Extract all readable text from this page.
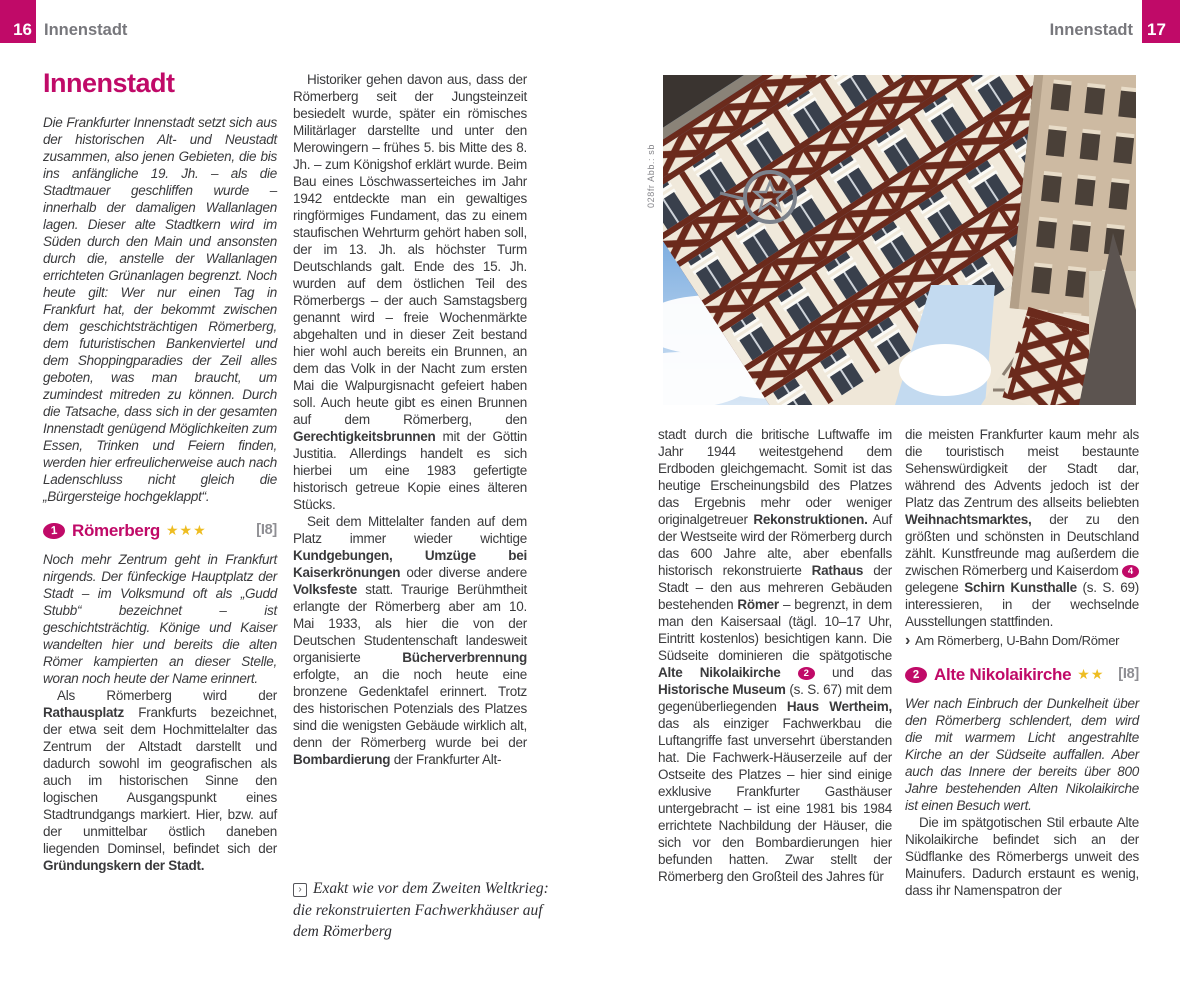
16 Innenstadt	Innenstadt 17
Innenstadt

Die Frankfurter Innenstadt setzt sich aus der historischen Alt- und Neustadt zusammen, also jenen Gebieten, die bis ins anfängliche 19. Jh. – als die Stadtmauer geschliffen wurde – innerhalb der damaligen Wallanlagen lagen. Dieser alte Stadtkern wird im Süden durch den Main und ansonsten durch die, anstelle der Wallanlagen errichteten Grünanlagen begrenzt. Noch heute gilt: Wer nur einen Tag in Frankfurt hat, der bekommt zwischen dem geschichtsträchtigen Römerberg, dem futuristischen Bankenviertel und dem Shoppingparadies der Zeil alles geboten, was man braucht, um zumindest mitreden zu können. Durch die Tatsache, dass sich in der gesamten Innenstadt genügend Möglichkeiten zum Essen, Trinken und Feiern finden, werden hier erfreulicherweise auch nach Ladenschluss nicht gleich die „Bürgersteige hochgeklappt“.

1 Römerberg ★★★	[I8]

Noch mehr Zentrum geht in Frankfurt nirgends. Der fünfeckige Hauptplatz der Stadt – im Volksmund oft als „Gudd Stubb“ bezeichnet – ist geschichtsträchtig. Könige und Kaiser wandelten hier und bereits die alten Römer kampierten an dieser Stelle, woran noch heute der Name erinnert.

Als Römerberg wird der Rathausplatz Frankfurts bezeichnet, der etwa seit dem Hochmittelalter das Zentrum der Altstadt darstellt und dadurch sowohl im geografischen als auch im historischen Sinne den logischen Ausgangspunkt eines Stadtrundgangs markiert. Hier, bzw. auf der unmittelbar östlich daneben liegenden Dominsel, befindet sich der Gründungskern der Stadt.

Historiker gehen davon aus, dass der Römerberg seit der Jungsteinzeit besiedelt wurde, später ein römisches Militärlager darstellte und unter den Merowingern – frühes 5. bis Mitte des 8. Jh. – zum Königshof erklärt wurde. Beim Bau eines Löschwasserteiches im Jahr 1942 entdeckte man ein gewaltiges ringförmiges Fundament, das zu einem staufischen Wehrturm gehört haben soll, der im 13. Jh. als höchster Turm Deutschlands galt. Ende des 15. Jh. wurden auf dem östlichen Teil des Römerbergs – der auch Samstagsberg genannt wird – freie Wochenmärkte abgehalten und in dieser Zeit bestand hier wohl auch bereits ein Brunnen, an dem das Volk in der Nacht zum ersten Mai die Walpurgisnacht gefeiert haben soll. Auch heute gibt es einen Brunnen auf dem Römerberg, den Gerechtigkeitsbrunnen mit der Göttin Justitia. Allerdings handelt es sich hierbei um eine 1983 gefertigte historisch getreue Kopie eines älteren Stücks.

Seit dem Mittelalter fanden auf dem Platz immer wieder wichtige Kundgebungen, Umzüge bei Kaiserkrönungen oder diverse andere Volksfeste statt. Traurige Berühmtheit erlangte der Römerberg aber am 10. Mai 1933, als hier die von der Deutschen Studentenschaft landesweit organisierte Bücherverbrennung erfolgte, an die noch heute eine bronzene Gedenktafel erinnert. Trotz des historischen Potenzials des Platzes sind die wenigsten Gebäude wirklich alt, denn der Römerberg wurde bei der Bombardierung der Frankfurter Alt-

› Exakt wie vor dem Zweiten Weltkrieg: die rekonstruierten Fachwerkhäuser auf dem Römerberg
028fr Abb.: sb

stadt durch die britische Luftwaffe im Jahr 1944 weitestgehend dem Erdboden gleichgemacht. Somit ist das heutige Erscheinungsbild des Platzes das Ergebnis mehr oder weniger originalgetreuer Rekonstruktionen. Auf der Westseite wird der Römerberg durch das 600 Jahre alte, aber ebenfalls historisch rekonstruierte Rathaus der Stadt – den aus mehreren Gebäuden bestehenden Römer – begrenzt, in dem man den Kaisersaal (tägl. 10–17 Uhr, Eintritt kostenlos) besichtigen kann. Die Südseite dominieren die spätgotische Alte Nikolaikirche 2 und das Historische Museum (s. S. 67) mit dem gegenüberliegenden Haus Wertheim, das als einziger Fachwerkbau die Luftangriffe fast unversehrt überstanden hat. Die Fachwerk-Häuserzeile auf der Ostseite des Platzes – hier sind einige exklusive Frankfurter Gasthäuser untergebracht – ist eine 1981 bis 1984 errichtete Nachbildung der Häuser, die sich vor den Bombardierungen hier befunden hatten. Zwar stellt der Römerberg den Großteil des Jahres für

die meisten Frankfurter kaum mehr als die touristisch meist bestaunte Sehenswürdigkeit der Stadt dar, während des Advents jedoch ist der Platz das Zentrum des allseits beliebten Weihnachtsmarktes, der zu den größten und schönsten in Deutschland zählt. Kunstfreunde mag außerdem die zwischen Römerberg und Kaiserdom 4 gelegene Schirn Kunsthalle (s. S. 69) interessieren, in der wechselnde Ausstellungen stattfinden.

› Am Römerberg, U-Bahn Dom/Römer
2 Alte Nikolaikirche ★★ [I8]

Wer nach Einbruch der Dunkelheit über den Römerberg schlendert, dem wird die mit warmem Licht angestrahlte Kirche an der Südseite auffallen. Aber auch das Innere der bereits über 800 Jahre bestehenden Alten Nikolaikirche ist einen Besuch wert.

Die im spätgotischen Stil erbaute Alte Nikolaikirche befindet sich an der Südflanke des Römerbergs unweit des Mainufers. Dadurch erstaunt es wenig, dass ihr Namenspatron der
